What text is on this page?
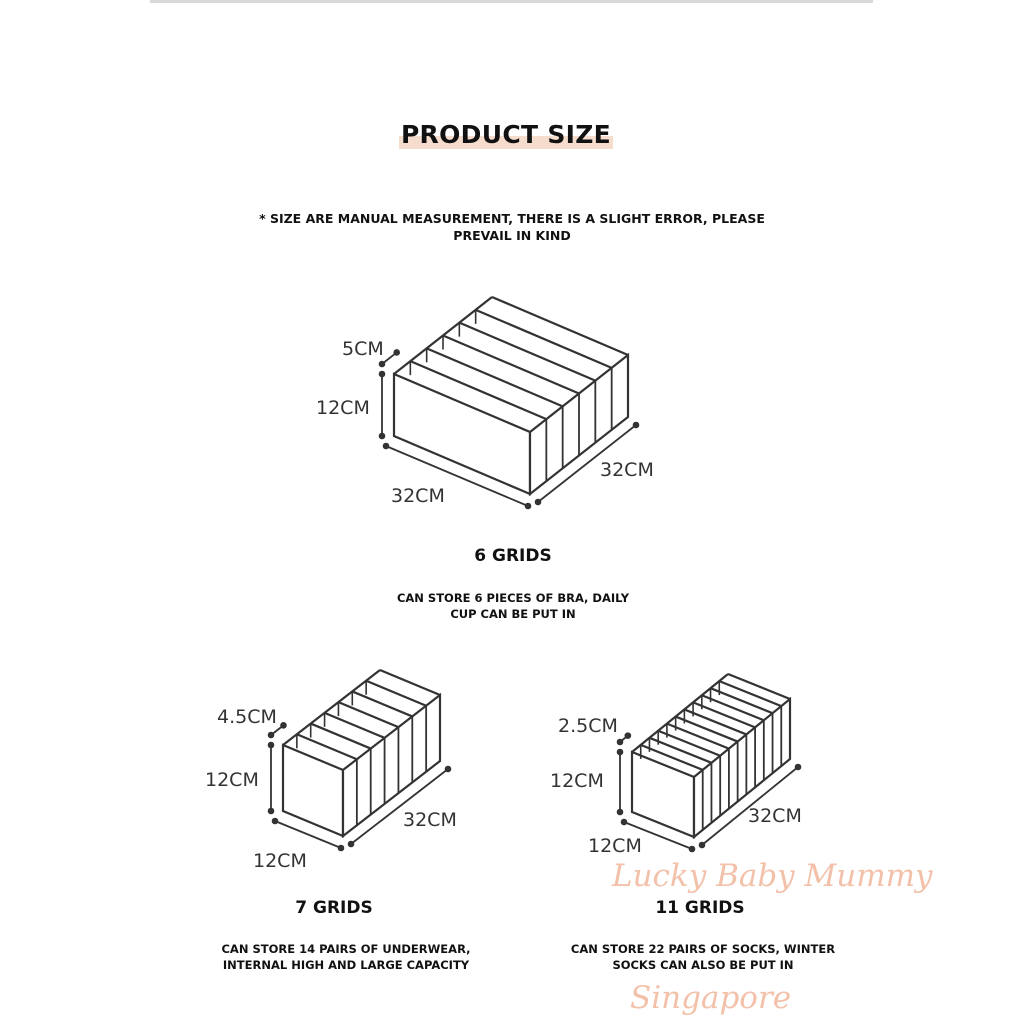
PRODUCT SIZE
* SIZE ARE MANUAL MEASUREMENT, THERE IS A SLIGHT ERROR, PLEASE
PREVAIL IN KIND
5CM
12CM
32CM
32CM
4.5CM
12CM
12CM
32CM
2.5CM
12CM
12CM
32CM
6 GRIDS
CAN STORE 6 PIECES OF BRA, DAILY
CUP CAN BE PUT IN
Lucky Baby Mummy
Singapore
7 GRIDS
CAN STORE 14 PAIRS OF UNDERWEAR,
INTERNAL HIGH AND LARGE CAPACITY
11 GRIDS
CAN STORE 22 PAIRS OF SOCKS, WINTER
SOCKS CAN ALSO BE PUT IN
